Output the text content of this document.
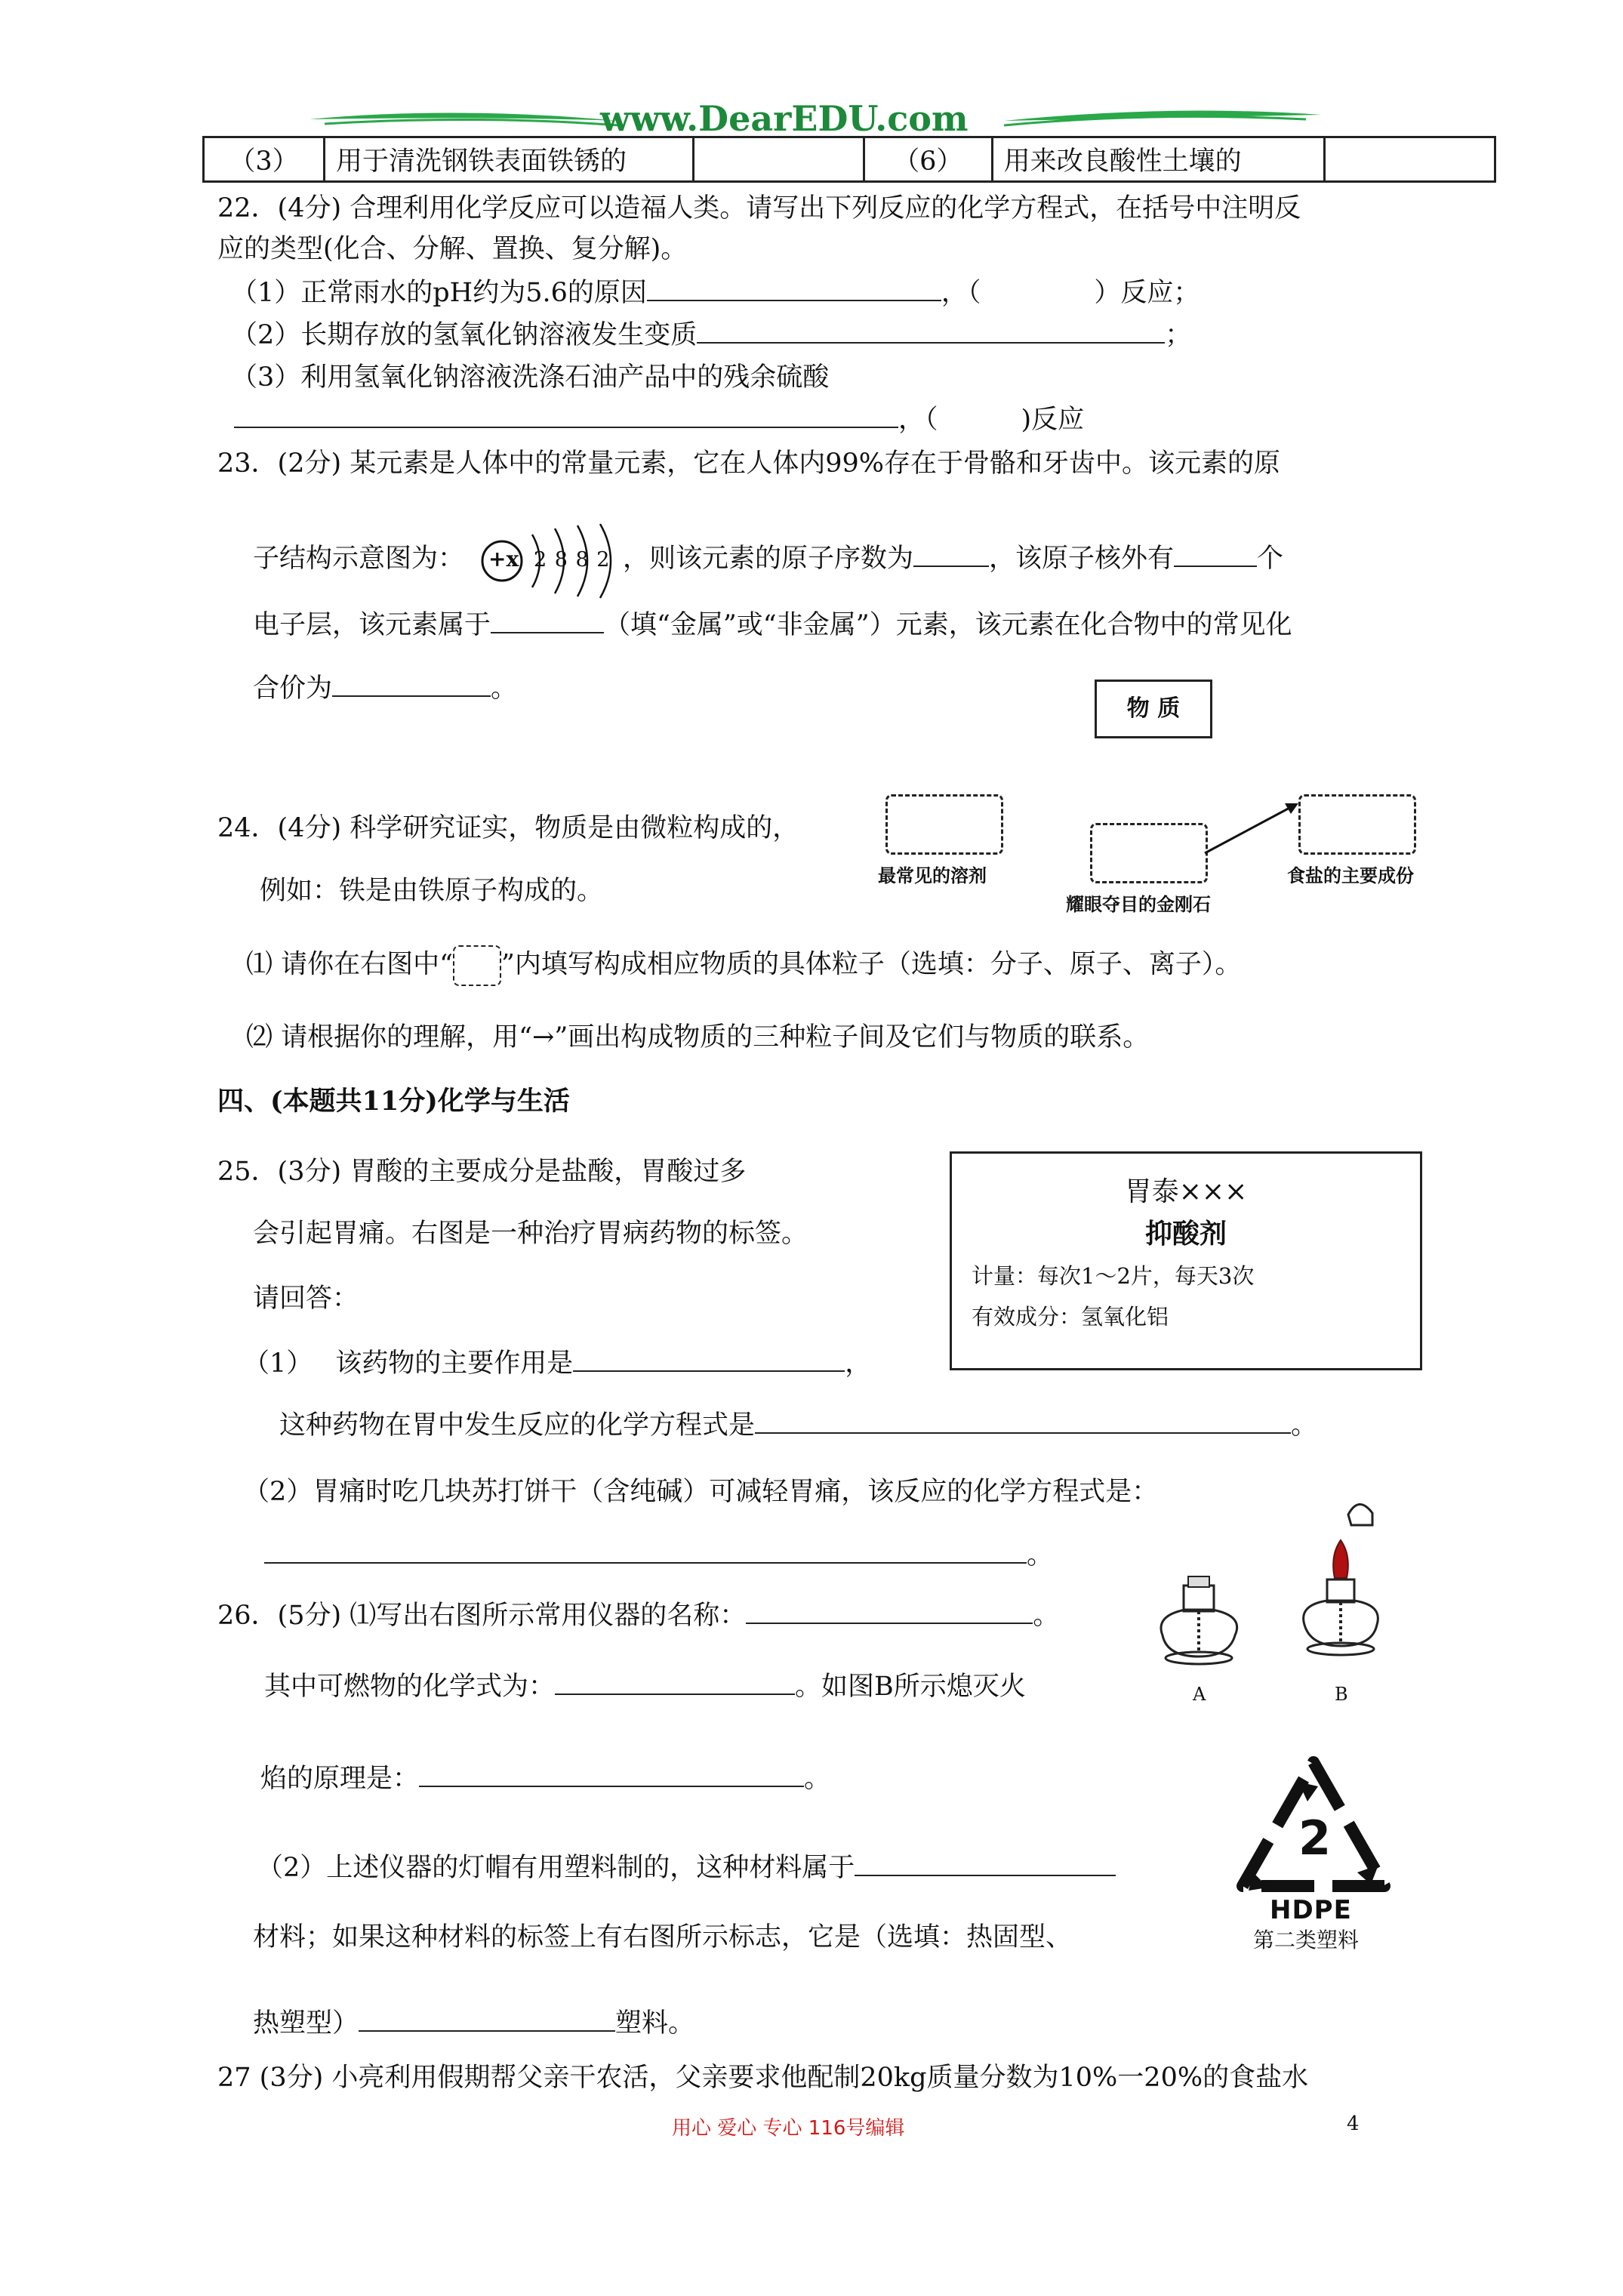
www.DearEDU.com
（3）	用于清洗钢铁表面铁锈的		（6）	用来改良酸性土壤的	
22．(4分) 合理利用化学反应可以造福人类。请写出下列反应的化学方程式，在括号中注明反
应的类型(化合、分解、置换、复分解)。
（1）正常雨水的pH约为5.6的原因	，（	）反应；
（2）长期存放的氢氧化钠溶液发生变质	；
（3）利用氢氧化钠溶液洗涤石油产品中的残余硫酸
，（	)反应
23．(2分) 某元素是人体中的常量元素，它在人体内99%存在于骨骼和牙齿中。该元素的原
子结构示意图为：	，则该元素的原子序数为	，该原子核外有	个
+x 2 8 8 2
电子层，该元素属于	（填“金属”或“非金属”）元素，该元素在化合物中的常见化
合价为	。
物 质
最常见的溶剂
耀眼夺目的金刚石
食盐的主要成份
24．(4分) 科学研究证实，物质是由微粒构成的，
例如：铁是由铁原子构成的。
⑴ 请你在右图中“ ”内填写构成相应物质的具体粒子（选填：分子、原子、离子）。
⑵ 请根据你的理解，用“→”画出构成物质的三种粒子间及它们与物质的联系。
四、(本题共11分)化学与生活
胃泰×××
抑酸剂
计量：每次1～2片，每天3次
有效成分：氢氧化铝
25．(3分) 胃酸的主要成分是盐酸，胃酸过多
会引起胃痛。右图是一种治疗胃病药物的标签。
请回答：
（1） 该药物的主要作用是	，
这种药物在胃中发生反应的化学方程式是	。
（2）胃痛时吃几块苏打饼干（含纯碱）可减轻胃痛，该反应的化学方程式是：
。
A	B
2
HDPE
第二类塑料
26．(5分) ⑴写出右图所示常用仪器的名称：	。
其中可燃物的化学式为：	。如图B所示熄灭火
焰的原理是：	。
（2）上述仪器的灯帽有用塑料制的，这种材料属于
材料；如果这种材料的标签上有右图所示标志，它是（选填：热固型、
热塑型）	塑料。
27 (3分) 小亮利用假期帮父亲干农活，父亲要求他配制20kg质量分数为10%一20%的食盐水
用心 爱心 专心 116号编辑	4
